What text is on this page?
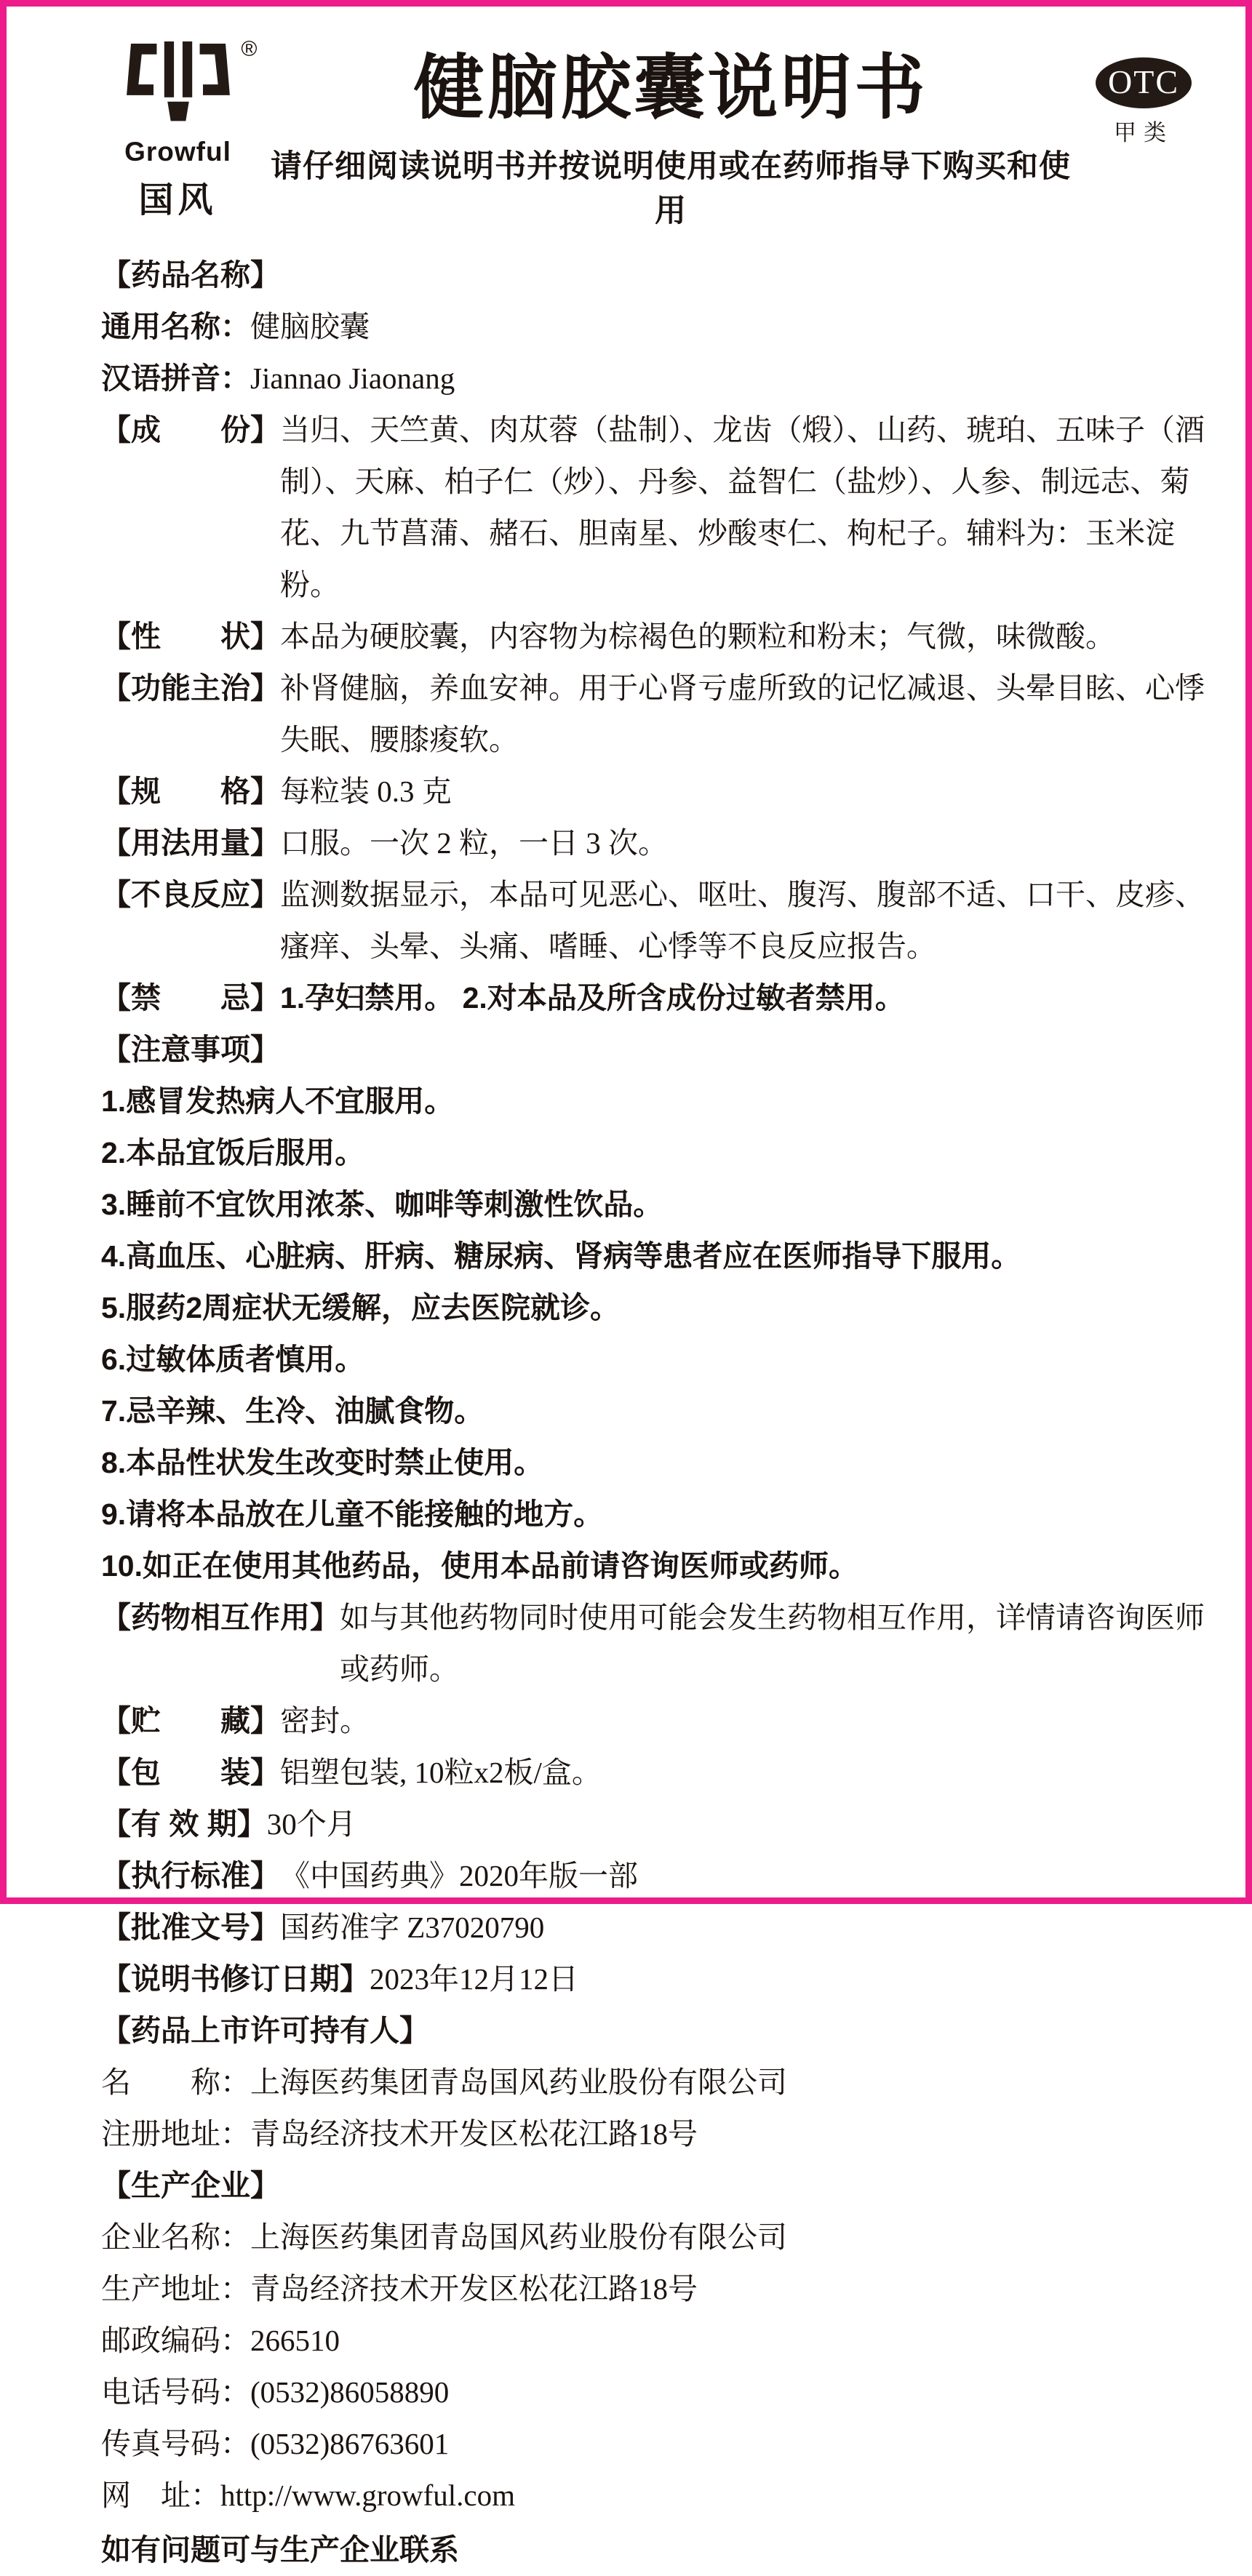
®
Growful
国风
健脑胶囊说明书
请仔细阅读说明书并按说明使用或在药师指导下购买和使用
OTC
甲类
【药品名称】
通用名称： 健脑胶囊
汉语拼音： Jiannao Jiaonang
【成　　份】 当归、天竺黄、肉苁蓉（盐制）、龙齿（煅）、山药、琥珀、五味子（酒制）、天麻、柏子仁（炒）、丹参、益智仁（盐炒）、人参、制远志、菊花、九节菖蒲、赭石、胆南星、炒酸枣仁、枸杞子。辅料为：玉米淀粉。
【性　　状】 本品为硬胶囊，内容物为棕褐色的颗粒和粉末；气微，味微酸。
【功能主治】 补肾健脑，养血安神。用于心肾亏虚所致的记忆减退、头晕目眩、心悸失眠、腰膝痠软。
【规　　格】 每粒装 0.3 克
【用法用量】 口服。一次 2 粒，一日 3 次。
【不良反应】 监测数据显示，本品可见恶心、呕吐、腹泻、腹部不适、口干、皮疹、瘙痒、头晕、头痛、嗜睡、心悸等不良反应报告。
【禁　　忌】 1.孕妇禁用。 2.对本品及所含成份过敏者禁用。
【注意事项】
1.感冒发热病人不宜服用。
2.本品宜饭后服用。
3.睡前不宜饮用浓茶、咖啡等刺激性饮品。
4.高血压、心脏病、肝病、糖尿病、肾病等患者应在医师指导下服用。
5.服药2周症状无缓解，应去医院就诊。
6.过敏体质者慎用。
7.忌辛辣、生冷、油腻食物。
8.本品性状发生改变时禁止使用。
9.请将本品放在儿童不能接触的地方。
10.如正在使用其他药品，使用本品前请咨询医师或药师。
【药物相互作用】 如与其他药物同时使用可能会发生药物相互作用，详情请咨询医师或药师。
【贮　　藏】 密封。
【包　　装】 铝塑包装, 10粒x2板/盒。
【有 效 期】 30个月
【执行标准】 《中国药典》2020年版一部
【批准文号】 国药准字 Z37020790
【说明书修订日期】 2023年12月12日
【药品上市许可持有人】
名　　称： 上海医药集团青岛国风药业股份有限公司
注册地址： 青岛经济技术开发区松花江路18号
【生产企业】
企业名称： 上海医药集团青岛国风药业股份有限公司
生产地址： 青岛经济技术开发区松花江路18号
邮政编码： 266510
电话号码： (0532)86058890
传真号码： (0532)86763601
网　址： http://www.growful.com
如有问题可与生产企业联系
